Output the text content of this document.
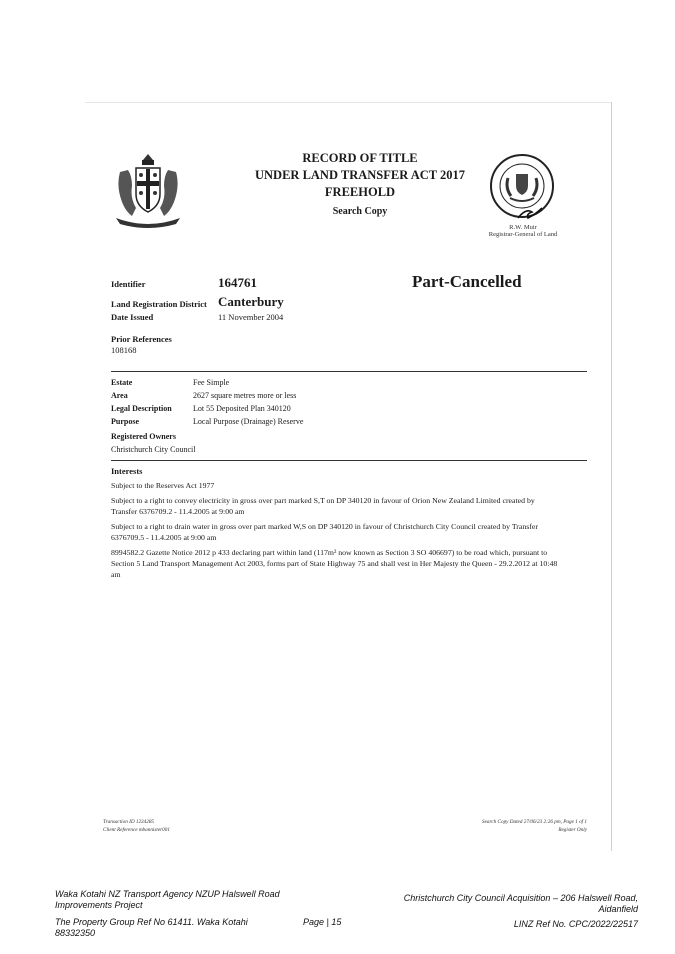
RECORD OF TITLE
UNDER LAND TRANSFER ACT 2017
FREEHOLD
Search Copy
R.W. Muir
Registrar-General of Land
Identifier	164761	Part-Cancelled
Land Registration District Canterbury
Date Issued	11 November 2004
Prior References
108168
Estate	Fee Simple
Area	2627 square metres more or less
Legal Description	Lot 55 Deposited Plan 340120
Purpose	Local Purpose (Drainage) Reserve
Registered Owners
Christchurch City Council
Interests
Subject to the Reserves Act 1977
Subject to a right to convey electricity in gross over part marked S,T on DP 340120 in favour of Orion New Zealand Limited created by Transfer 6376709.2 - 11.4.2005 at 9:00 am
Subject to a right to drain water in gross over part marked W,S on DP 340120 in favour of Christchurch City Council created by Transfer 6376709.5 - 11.4.2005 at 9:00 am
8994582.2 Gazette Notice 2012 p 433 declaring part within land (117m² now known as Section 3 SO 406697) to be road which, pursuant to Section 5 Land Transport Management Act 2003, forms part of State Highway 75 and shall vest in Her Majesty the Queen - 29.2.2012 at 10:48 am
Transaction ID 1234285
Client Reference mbannister001
Search Copy Dated 27/06/23 2:26 pm, Page 1 of 1
Register Only
Waka Kotahi NZ Transport Agency NZUP Halswell Road
Improvements Project
The Property Group Ref No 61411. Waka Kotahi
88332350
Page | 15
Christchurch City Council Acquisition – 206 Halswell Road,
Aidanfield
LINZ Ref No. CPC/2022/22517
